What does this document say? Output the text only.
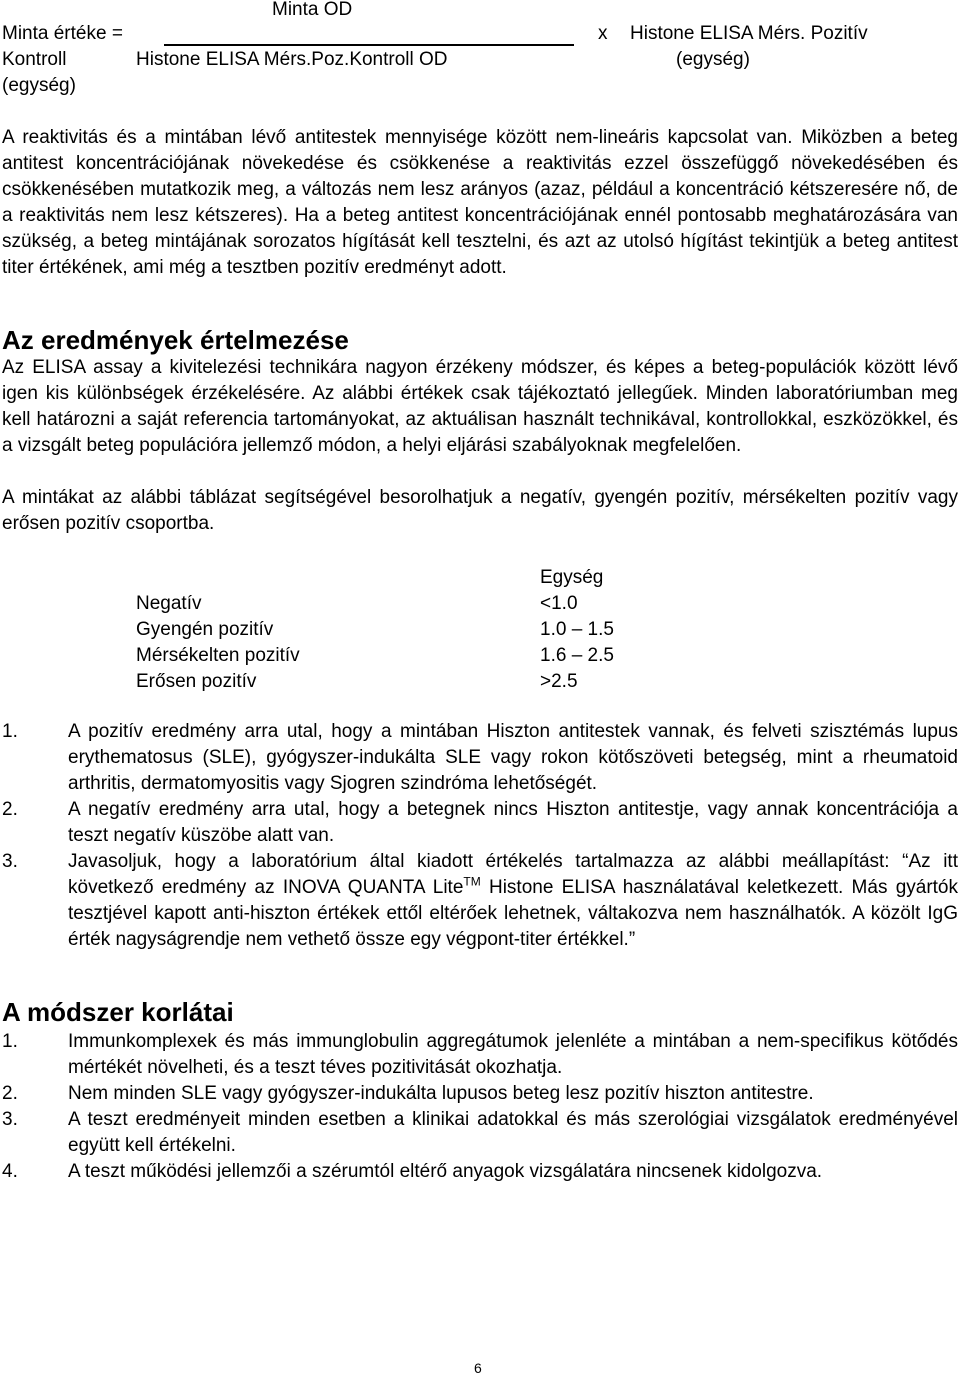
Minta OD
Minta értéke =	x Histone ELISA Mérs. Pozitív
Kontroll	Histone ELISA Mérs.Poz.Kontroll OD	(egység)
(egység)

A reaktivitás és a mintában lévő antitestek mennyisége között nem-lineáris kapcsolat van. Miközben a beteg antitest koncentrációjának növekedése és csökkenése a reaktivitás ezzel összefüggő növekedésében és csökkenésében mutatkozik meg, a változás nem lesz arányos (azaz, például a koncentráció kétszeresére nő, de a reaktivitás nem lesz kétszeres). Ha a beteg antitest koncentrációjának ennél pontosabb meghatározására van szükség, a beteg mintájának sorozatos hígítását kell tesztelni, és azt az utolsó hígítást tekintjük a beteg antitest titer értékének, ami még a tesztben pozitív eredményt adott.

Az eredmények értelmezése

Az ELISA assay a kivitelezési technikára nagyon érzékeny módszer, és képes a beteg-populációk között lévő igen kis különbségek érzékelésére. Az alábbi értékek csak tájékoztató jellegűek. Minden laboratóriumban meg kell határozni a saját referencia tartományokat, az aktuálisan használt technikával, kontrollokkal, eszközökkel, és a vizsgált beteg populációra jellemző módon, a helyi eljárási szabályoknak megfelelően.

A mintákat az alábbi táblázat segítségével besorolhatjuk a negatív, gyengén pozitív, mérsékelten pozitív vagy erősen pozitív csoportba.

Egység
Negatív	<1.0
Gyengén pozitív	1.0 – 1.5
Mérsékelten pozitív	1.6 – 2.5
Erősen pozitív	>2.5
1.	A pozitív eredmény arra utal, hogy a mintában Hiszton antitestek vannak, és felveti szisztémás lupus erythematosus (SLE), gyógyszer-indukálta SLE vagy rokon kötőszöveti betegség, mint a rheumatoid arthritis, dermatomyositis vagy Sjogren szindróma lehetőségét.
2.	A negatív eredmény arra utal, hogy a betegnek nincs Hiszton antitestje, vagy annak koncentrációja a teszt negatív küszöbe alatt van.
3.	Javasoljuk, hogy a laboratórium által kiadott értékelés tartalmazza az alábbi meállapítást: “Az itt következő eredmény az INOVA QUANTA Lite™ Histone ELISA használatával keletkezett. Más gyártók tesztjével kapott anti-hiszton értékek ettől eltérőek lehetnek, váltakozva nem használhatók. A közölt IgG érték nagyságrendje nem vethető össze egy végpont-titer értékkel.”
A módszer korlátai
1.	Immunkomplexek és más immunglobulin aggregátumok jelenléte a mintában a nem-specifikus kötődés mértékét növelheti, és a teszt téves pozitivitását okozhatja.
2.	Nem minden SLE vagy gyógyszer-indukálta lupusos beteg lesz pozitív hiszton antitestre.
3.	A teszt eredményeit minden esetben a klinikai adatokkal és más szerológiai vizsgálatok eredményével együtt kell értékelni.
4.	A teszt működési jellemzői a szérumtól eltérő anyagok vizsgálatára nincsenek kidolgozva.
6
